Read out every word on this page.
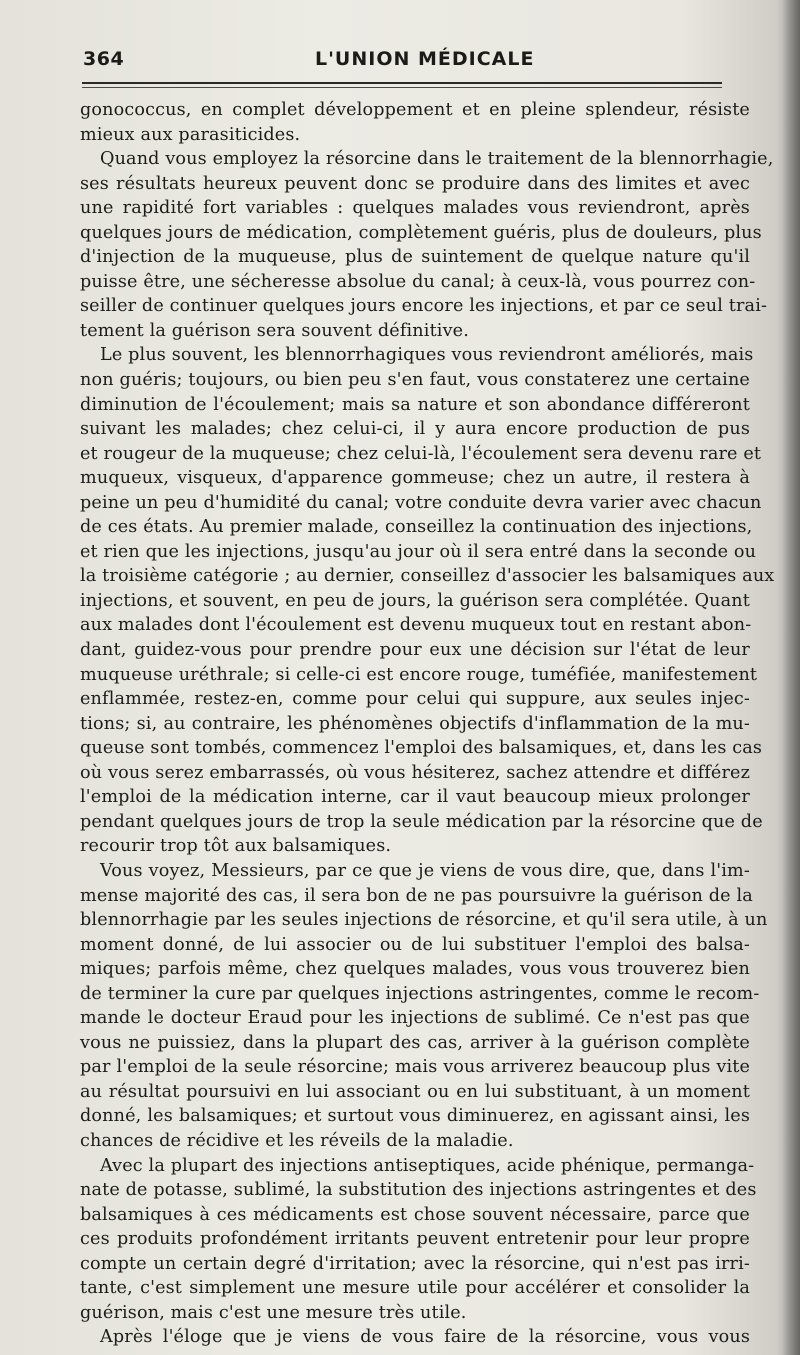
364	L'UNION MÉDICALE
gonococcus, en complet développement et en pleine splendeur, résiste
mieux aux parasiticides.
Quand vous employez la résorcine dans le traitement de la blennorrhagie,
ses résultats heureux peuvent donc se produire dans des limites et avec
une rapidité fort variables : quelques malades vous reviendront, après
quelques jours de médication, complètement guéris, plus de douleurs, plus
d'injection de la muqueuse, plus de suintement de quelque nature qu'il
puisse être, une sécheresse absolue du canal; à ceux-là, vous pourrez con-
seiller de continuer quelques jours encore les injections, et par ce seul trai-
tement la guérison sera souvent définitive.
Le plus souvent, les blennorrhagiques vous reviendront améliorés, mais
non guéris; toujours, ou bien peu s'en faut, vous constaterez une certaine
diminution de l'écoulement; mais sa nature et son abondance différeront
suivant les malades; chez celui-ci, il y aura encore production de pus
et rougeur de la muqueuse; chez celui-là, l'écoulement sera devenu rare et
muqueux, visqueux, d'apparence gommeuse; chez un autre, il restera à
peine un peu d'humidité du canal; votre conduite devra varier avec chacun
de ces états. Au premier malade, conseillez la continuation des injections,
et rien que les injections, jusqu'au jour où il sera entré dans la seconde ou
la troisième catégorie ; au dernier, conseillez d'associer les balsamiques aux
injections, et souvent, en peu de jours, la guérison sera complétée. Quant
aux malades dont l'écoulement est devenu muqueux tout en restant abon-
dant, guidez-vous pour prendre pour eux une décision sur l'état de leur
muqueuse uréthrale; si celle-ci est encore rouge, tuméfiée, manifestement
enflammée, restez-en, comme pour celui qui suppure, aux seules injec-
tions; si, au contraire, les phénomènes objectifs d'inflammation de la mu-
queuse sont tombés, commencez l'emploi des balsamiques, et, dans les cas
où vous serez embarrassés, où vous hésiterez, sachez attendre et différez
l'emploi de la médication interne, car il vaut beaucoup mieux prolonger
pendant quelques jours de trop la seule médication par la résorcine que de
recourir trop tôt aux balsamiques.
Vous voyez, Messieurs, par ce que je viens de vous dire, que, dans l'im-
mense majorité des cas, il sera bon de ne pas poursuivre la guérison de la
blennorrhagie par les seules injections de résorcine, et qu'il sera utile, à un
moment donné, de lui associer ou de lui substituer l'emploi des balsa-
miques; parfois même, chez quelques malades, vous vous trouverez bien
de terminer la cure par quelques injections astringentes, comme le recom-
mande le docteur Eraud pour les injections de sublimé. Ce n'est pas que
vous ne puissiez, dans la plupart des cas, arriver à la guérison complète
par l'emploi de la seule résorcine; mais vous arriverez beaucoup plus vite
au résultat poursuivi en lui associant ou en lui substituant, à un moment
donné, les balsamiques; et surtout vous diminuerez, en agissant ainsi, les
chances de récidive et les réveils de la maladie.
Avec la plupart des injections antiseptiques, acide phénique, permanga-
nate de potasse, sublimé, la substitution des injections astringentes et des
balsamiques à ces médicaments est chose souvent nécessaire, parce que
ces produits profondément irritants peuvent entretenir pour leur propre
compte un certain degré d'irritation; avec la résorcine, qui n'est pas irri-
tante, c'est simplement une mesure utile pour accélérer et consolider la
guérison, mais c'est une mesure très utile.
Après l'éloge que je viens de vous faire de la résorcine, vous vous
